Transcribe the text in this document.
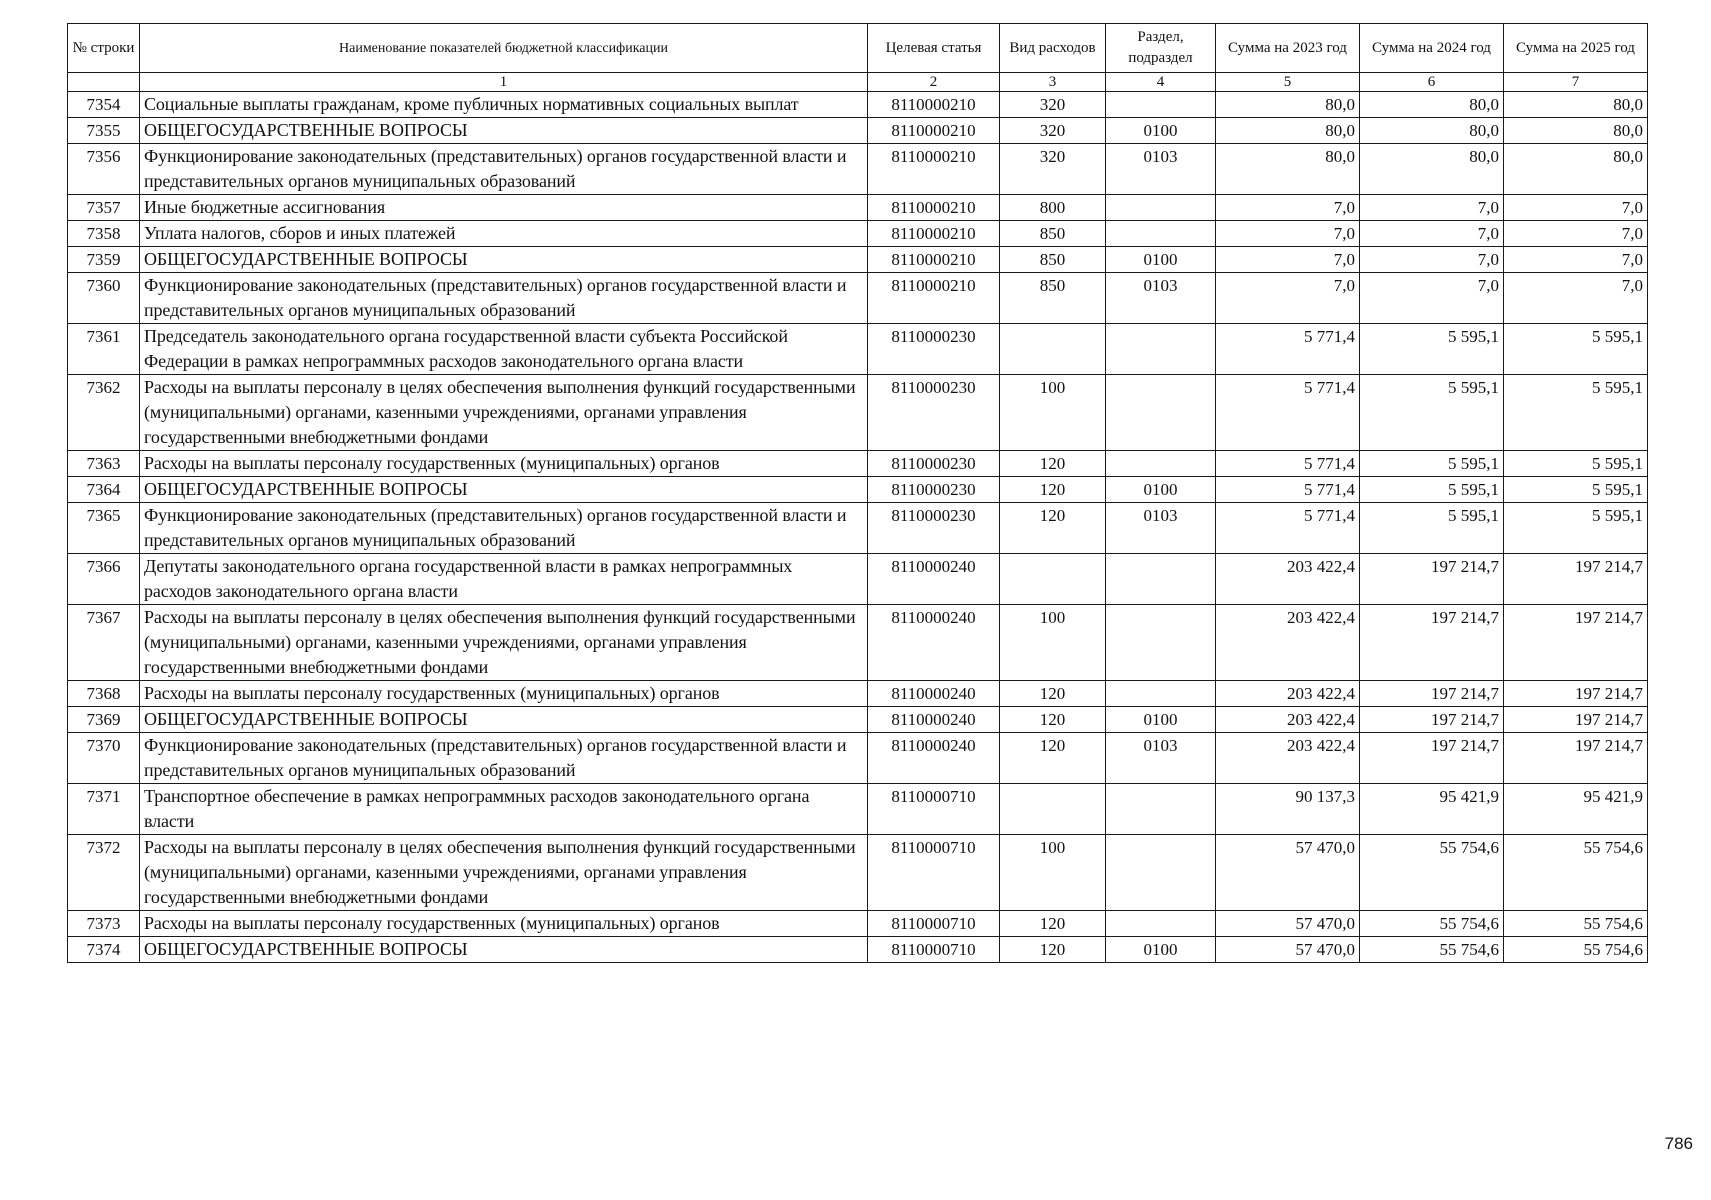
№ строки	Наименование показателей бюджетной классификации	Целевая статья	Вид расходов	Раздел, подраздел	Сумма на 2023 год	Сумма на 2024 год	Сумма на 2025 год
	1	2	3	4	5	6	7
7354	Социальные выплаты гражданам, кроме публичных нормативных социальных выплат	8110000210	320		80,0	80,0	80,0
7355	ОБЩЕГОСУДАРСТВЕННЫЕ ВОПРОСЫ	8110000210	320	0100	80,0	80,0	80,0
7356	Функционирование законодательных (представительных) органов государственной власти и представительных органов муниципальных образований	8110000210	320	0103	80,0	80,0	80,0
7357	Иные бюджетные ассигнования	8110000210	800		7,0	7,0	7,0
7358	Уплата налогов, сборов и иных платежей	8110000210	850		7,0	7,0	7,0
7359	ОБЩЕГОСУДАРСТВЕННЫЕ ВОПРОСЫ	8110000210	850	0100	7,0	7,0	7,0
7360	Функционирование законодательных (представительных) органов государственной власти и представительных органов муниципальных образований	8110000210	850	0103	7,0	7,0	7,0
7361	Председатель законодательного органа государственной власти субъекта Российской Федерации в рамках непрограммных расходов законодательного органа власти	8110000230			5 771,4	5 595,1	5 595,1
7362	Расходы на выплаты персоналу в целях обеспечения выполнения функций государственными (муниципальными) органами, казенными учреждениями, органами управления государственными внебюджетными фондами	8110000230	100		5 771,4	5 595,1	5 595,1
7363	Расходы на выплаты персоналу государственных (муниципальных) органов	8110000230	120		5 771,4	5 595,1	5 595,1
7364	ОБЩЕГОСУДАРСТВЕННЫЕ ВОПРОСЫ	8110000230	120	0100	5 771,4	5 595,1	5 595,1
7365	Функционирование законодательных (представительных) органов государственной власти и представительных органов муниципальных образований	8110000230	120	0103	5 771,4	5 595,1	5 595,1
7366	Депутаты законодательного органа государственной власти в рамках непрограммных расходов законодательного органа власти	8110000240			203 422,4	197 214,7	197 214,7
7367	Расходы на выплаты персоналу в целях обеспечения выполнения функций государственными (муниципальными) органами, казенными учреждениями, органами управления государственными внебюджетными фондами	8110000240	100		203 422,4	197 214,7	197 214,7
7368	Расходы на выплаты персоналу государственных (муниципальных) органов	8110000240	120		203 422,4	197 214,7	197 214,7
7369	ОБЩЕГОСУДАРСТВЕННЫЕ ВОПРОСЫ	8110000240	120	0100	203 422,4	197 214,7	197 214,7
7370	Функционирование законодательных (представительных) органов государственной власти и представительных органов муниципальных образований	8110000240	120	0103	203 422,4	197 214,7	197 214,7
7371	Транспортное обеспечение в рамках непрограммных расходов законодательного органа власти	8110000710			90 137,3	95 421,9	95 421,9
7372	Расходы на выплаты персоналу в целях обеспечения выполнения функций государственными (муниципальными) органами, казенными учреждениями, органами управления государственными внебюджетными фондами	8110000710	100		57 470,0	55 754,6	55 754,6
7373	Расходы на выплаты персоналу государственных (муниципальных) органов	8110000710	120		57 470,0	55 754,6	55 754,6
7374	ОБЩЕГОСУДАРСТВЕННЫЕ ВОПРОСЫ	8110000710	120	0100	57 470,0	55 754,6	55 754,6
786
